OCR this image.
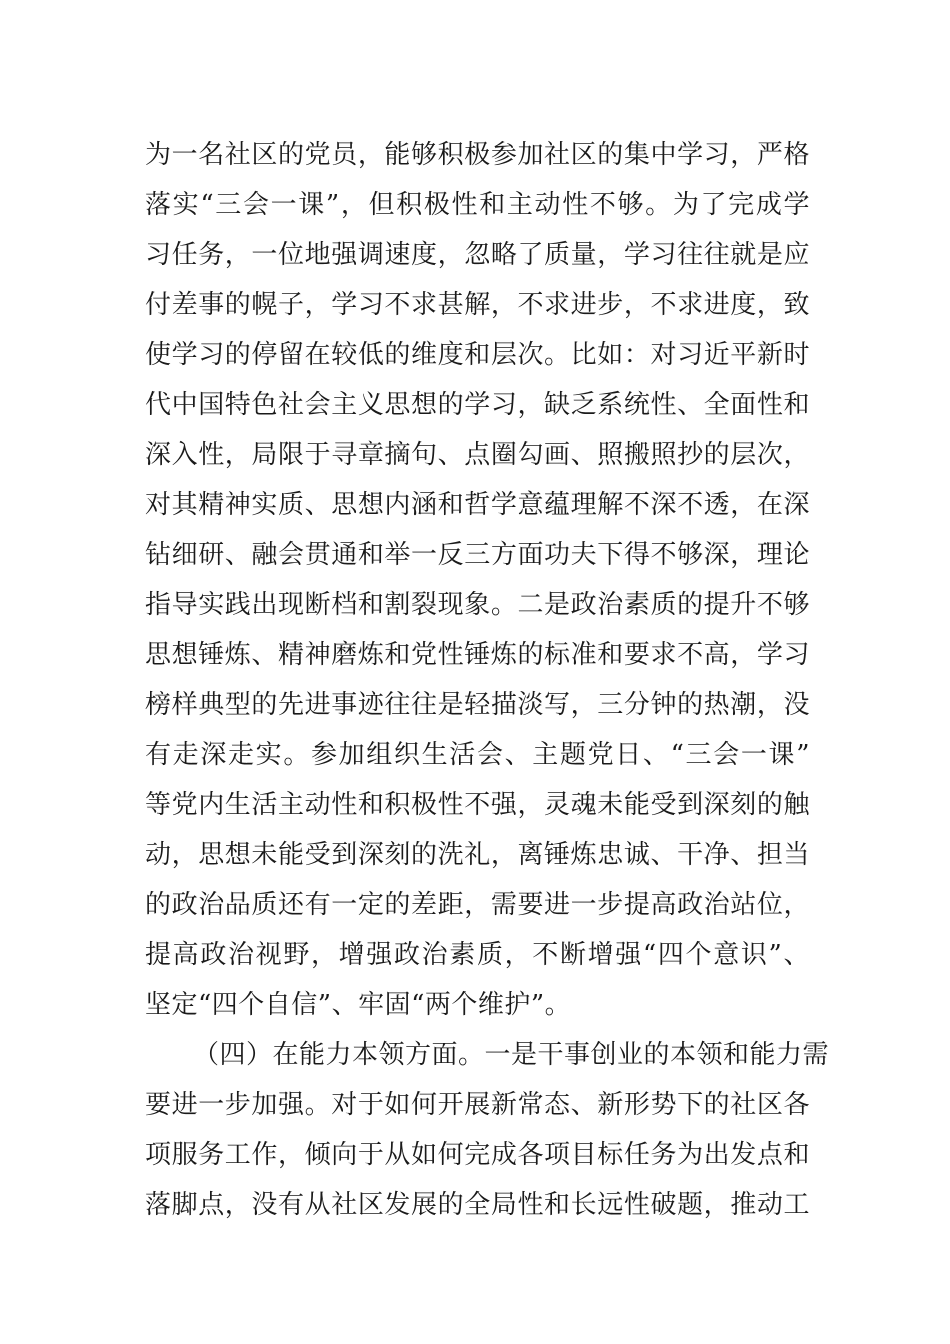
为一名社区的党员，能够积极参加社区的集中学习，严格
落实“三会一课”，但积极性和主动性不够。为了完成学
习任务，一位地强调速度，忽略了质量，学习往往就是应
付差事的幌子，学习不求甚解，不求进步，不求进度，致
使学习的停留在较低的维度和层次。比如：对习近平新时
代中国特色社会主义思想的学习，缺乏系统性、全面性和
深入性，局限于寻章摘句、点圈勾画、照搬照抄的层次，
对其精神实质、思想内涵和哲学意蕴理解不深不透，在深
钻细研、融会贯通和举一反三方面功夫下得不够深，理论
指导实践出现断档和割裂现象。二是政治素质的提升不够
思想锤炼、精神磨炼和党性锤炼的标准和要求不高，学习
榜样典型的先进事迹往往是轻描淡写，三分钟的热潮，没
有走深走实。参加组织生活会、主题党日、“三会一课”
等党内生活主动性和积极性不强，灵魂未能受到深刻的触
动，思想未能受到深刻的洗礼，离锤炼忠诚、干净、担当
的政治品质还有一定的差距，需要进一步提高政治站位，
提高政治视野，增强政治素质，不断增强“四个意识”、
坚定“四个自信”、牢固“两个维护”。
（四）在能力本领方面。一是干事创业的本领和能力需
要进一步加强。对于如何开展新常态、新形势下的社区各
项服务工作，倾向于从如何完成各项目标任务为出发点和
落脚点，没有从社区发展的全局性和长远性破题，推动工
